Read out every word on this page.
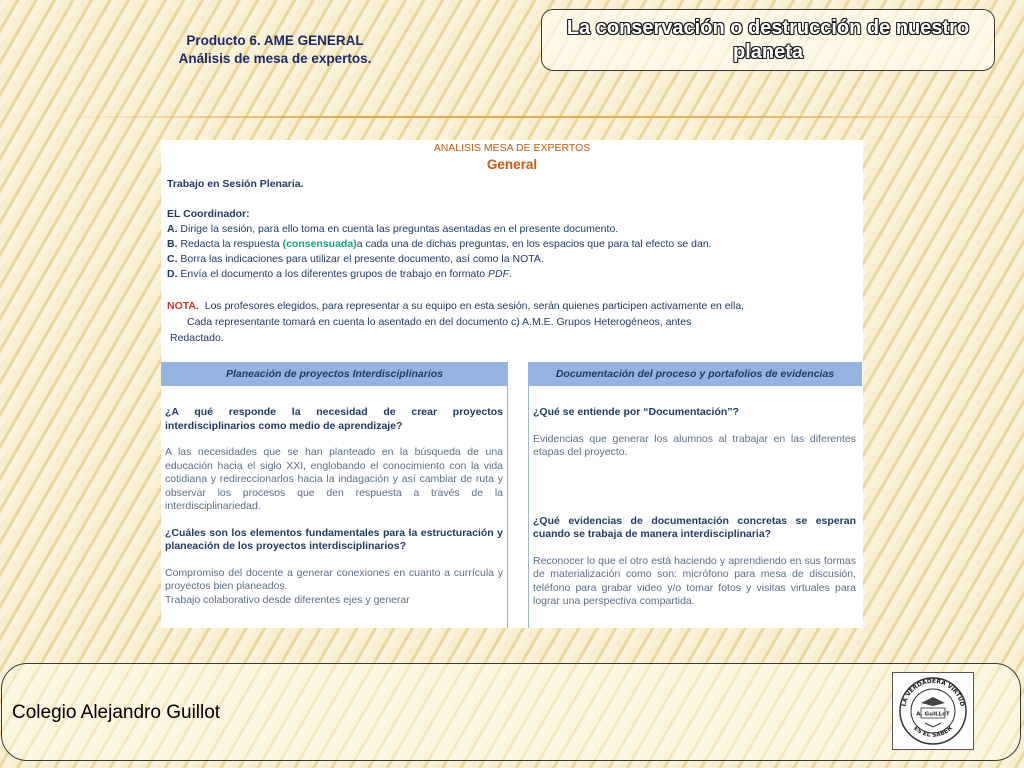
Producto 6. AME GENERAL
Análisis de mesa de expertos.
La conservación o destrucción de nuestro planeta
ANALISIS MESA DE EXPERTOS
General
Trabajo en Sesión Plenaria.
EL Coordinador:
A. Dirige la sesión, para ello toma en cuenta las preguntas asentadas en el presente documento.
B. Redacta la respuesta (consensuada)a cada una de dichas preguntas, en los espacios que para tal efecto se dan.
C. Borra las indicaciones para utilizar el presente documento, así como la NOTA.
D. Envía el documento a los diferentes grupos de trabajo en formato PDF.
NOTA. Los profesores elegidos, para representar a su equipo en esta sesión, serán quienes participen activamente en ella,
Cada representante tomará en cuenta lo asentado en del documento c) A.M.E. Grupos Heterogéneos, antes
Redactado.
Planeación de proyectos Interdisciplinarios	Documentación del proceso y portafolios de evidencias

¿A qué responde la necesidad de crear proyectos interdisciplinarios como medio de aprendizaje?

A las necesidades que se han planteado en la búsqueda de una educación hacia el siglo XXI, englobando el conocimiento con la vida cotidiana y redireccionarlos hacia la indagación y así cambiar de ruta y observar los procesos que den respuesta a través de la interdisciplinariedad.

¿Cuáles son los elementos fundamentales para la estructuración y planeación de los proyectos interdisciplinarios?

Compromiso del docente a generar conexiones en cuanto a currícula y proyectos bien planeados.

Trabajo colaborativo desde diferentes ejes y generar

¿Qué se entiende por “Documentación”?

Evidencias que generar los alumnos al trabajar en las diferentes etapas del proyecto.

¿Qué evidencias de documentación concretas se esperan cuando se trabaja de manera interdisciplinaria?

Reconocer lo que el otro está haciendo y aprendiendo en sus formas de materialización como son: micrófono para mesa de discusión, teléfono para grabar video y/o tomar fotos y visitas virtuales para lograr una perspectiva compartida.

Colegio Alejandro Guillot	LA VERDADERA VIRTUD
ES EL SABER
A. GuILLoT
